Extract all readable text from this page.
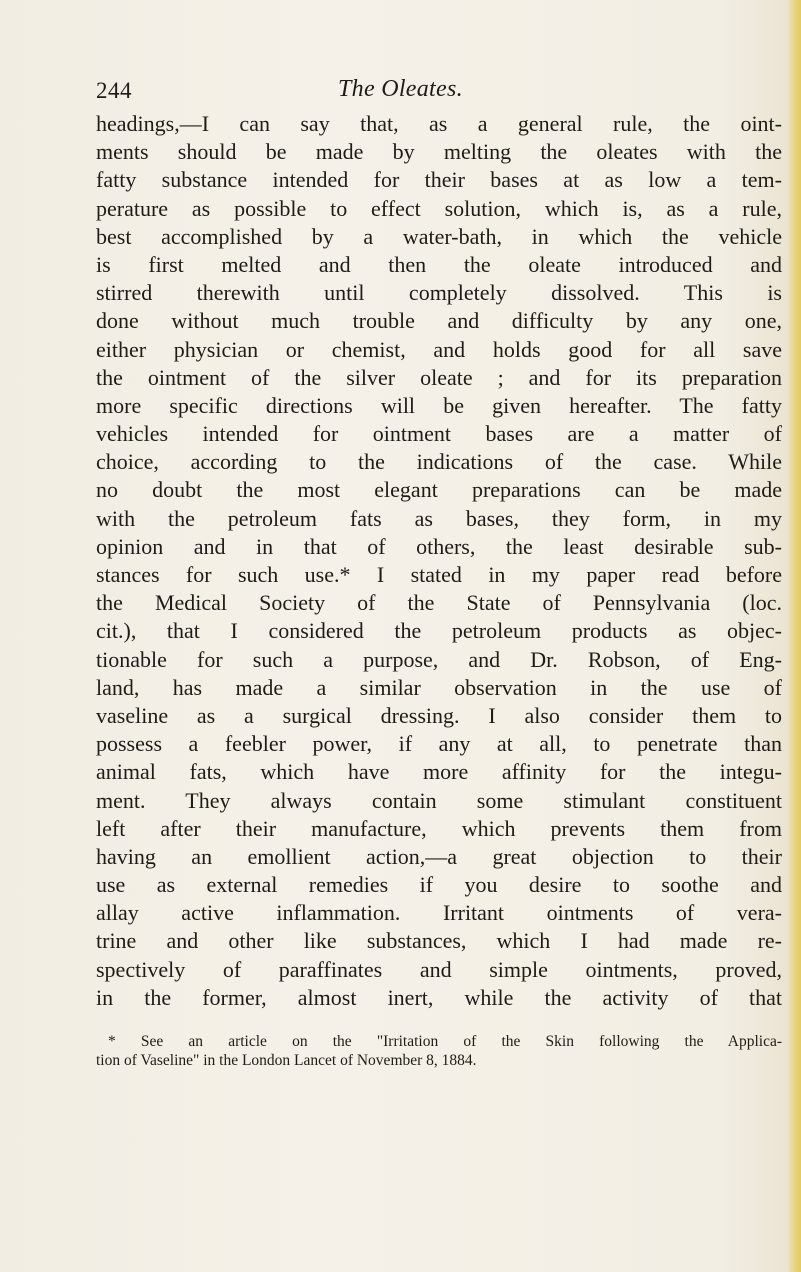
244	The Oleates.
headings,—I can say that, as a general rule, the oint-
ments should be made by melting the oleates with the
fatty substance intended for their bases at as low a tem-
perature as possible to effect solution, which is, as a rule,
best accomplished by a water-bath, in which the vehicle
is first melted and then the oleate introduced and
stirred therewith until completely dissolved. This is
done without much trouble and difficulty by any one,
either physician or chemist, and holds good for all save
the ointment of the silver oleate ; and for its preparation
more specific directions will be given hereafter. The fatty
vehicles intended for ointment bases are a matter of
choice, according to the indications of the case. While
no doubt the most elegant preparations can be made
with the petroleum fats as bases, they form, in my
opinion and in that of others, the least desirable sub-
stances for such use.* I stated in my paper read before
the Medical Society of the State of Pennsylvania (loc.
cit.), that I considered the petroleum products as objec-
tionable for such a purpose, and Dr. Robson, of Eng-
land, has made a similar observation in the use of
vaseline as a surgical dressing. I also consider them to
possess a feebler power, if any at all, to penetrate than
animal fats, which have more affinity for the integu-
ment. They always contain some stimulant constituent
left after their manufacture, which prevents them from
having an emollient action,—a great objection to their
use as external remedies if you desire to soothe and
allay active inflammation. Irritant ointments of vera-
trine and other like substances, which I had made re-
spectively of paraffinates and simple ointments, proved,
in the former, almost inert, while the activity of that
* See an article on the "Irritation of the Skin following the Applica-
tion of Vaseline" in the London Lancet of November 8, 1884.
